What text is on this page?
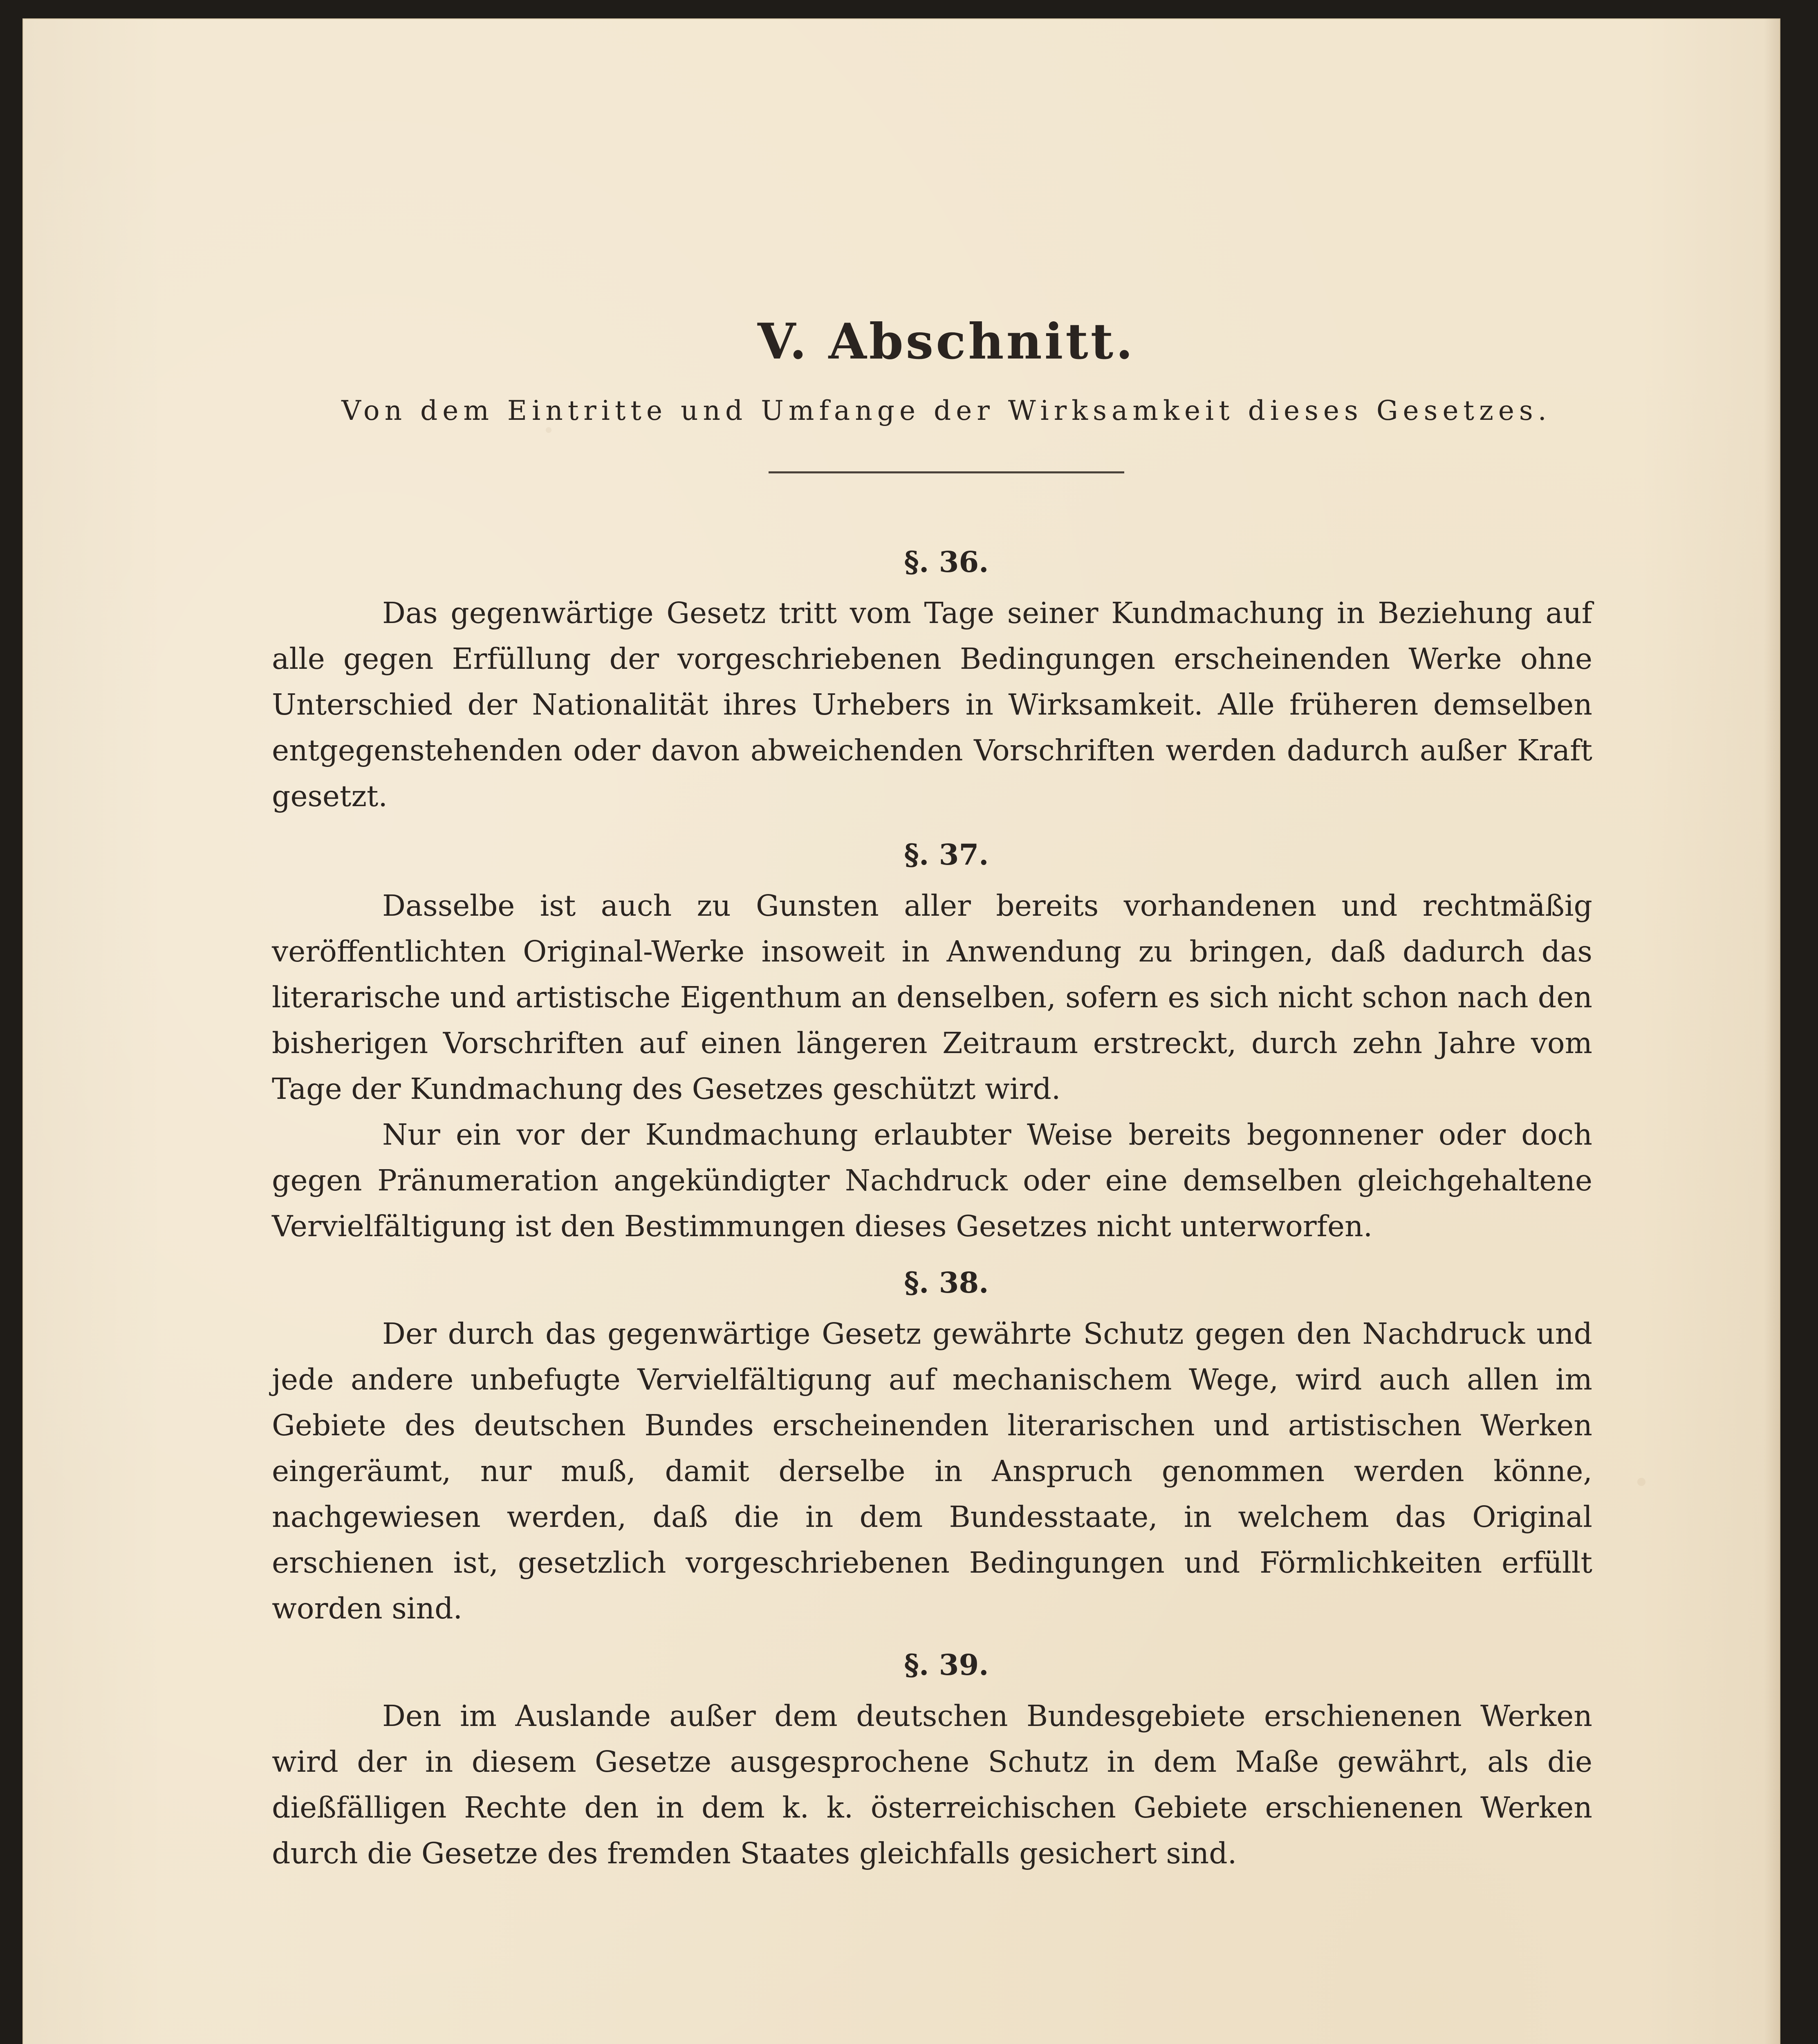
V. Abschnitt.
Von dem Eintritte und Umfange der Wirksamkeit dieses Gesetzes.
§. 36.

Das gegenwärtige Gesetz tritt vom Tage seiner Kundmachung in Beziehung auf alle gegen Erfüllung der vorgeschriebenen Bedingungen erscheinenden Werke ohne Unterschied der Nationalität ihres Urhebers in Wirksamkeit. Alle früheren demselben entgegenstehenden oder davon abweichenden Vorschriften werden dadurch außer Kraft gesetzt.

§. 37.

Dasselbe ist auch zu Gunsten aller bereits vorhandenen und rechtmäßig veröffentlichten Original-Werke insoweit in Anwendung zu bringen, daß dadurch das literarische und artistische Eigenthum an denselben, sofern es sich nicht schon nach den bisherigen Vorschriften auf einen längeren Zeitraum erstreckt, durch zehn Jahre vom Tage der Kundmachung des Gesetzes geschützt wird.

Nur ein vor der Kundmachung erlaubter Weise bereits begonnener oder doch gegen Pränumeration angekündigter Nachdruck oder eine demselben gleichgehaltene Vervielfältigung ist den Bestimmungen dieses Gesetzes nicht unterworfen.

§. 38.

Der durch das gegenwärtige Gesetz gewährte Schutz gegen den Nachdruck und jede andere unbefugte Vervielfältigung auf mechanischem Wege, wird auch allen im Gebiete des deutschen Bundes erscheinenden literarischen und artistischen Werken eingeräumt, nur muß, damit derselbe in Anspruch genommen werden könne, nachgewiesen werden, daß die in dem Bundesstaate, in welchem das Original erschienen ist, gesetzlich vorgeschriebenen Bedingungen und Förmlichkeiten erfüllt worden sind.

§. 39.

Den im Auslande außer dem deutschen Bundesgebiete erschienenen Werken wird der in diesem Gesetze ausgesprochene Schutz in dem Maße gewährt, als die dießfälligen Rechte den in dem k. k. österreichischen Gebiete erschienenen Werken durch die Gesetze des fremden Staates gleichfalls gesichert sind.
